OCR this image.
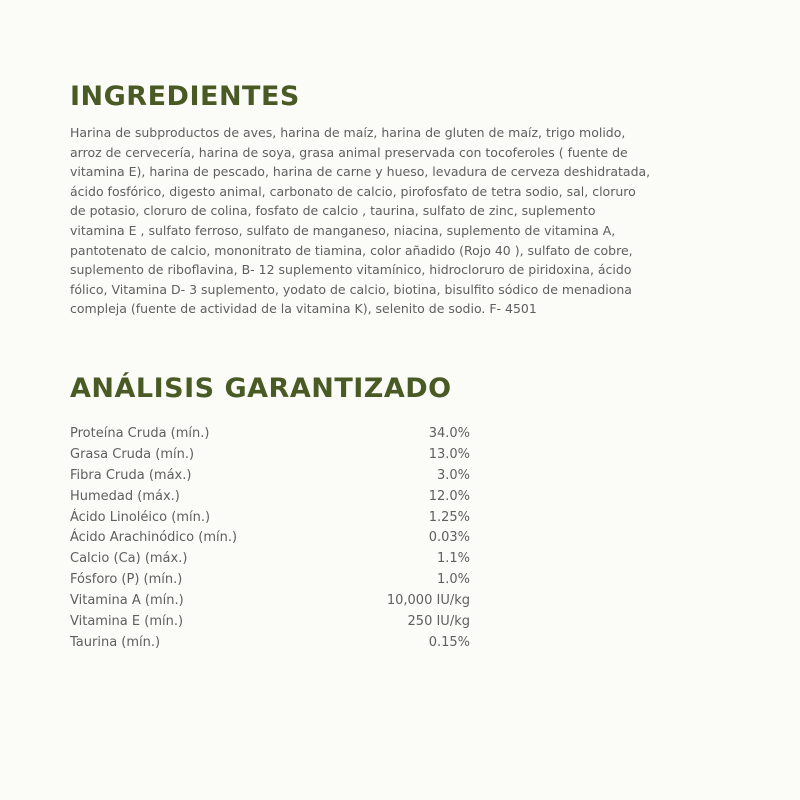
INGREDIENTES

Harina de subproductos de aves, harina de maíz, harina de gluten de maíz, trigo molido,
arroz de cervecería, harina de soya, grasa animal preservada con tocoferoles ( fuente de
vitamina E), harina de pescado, harina de carne y hueso, levadura de cerveza deshidratada,
ácido fosfórico, digesto animal, carbonato de calcio, pirofosfato de tetra sodio, sal, cloruro
de potasio, cloruro de colina, fosfato de calcio , taurina, sulfato de zinc, suplemento
vitamina E , sulfato ferroso, sulfato de manganeso, niacina, suplemento de vitamina A,
pantotenato de calcio, mononitrato de tiamina, color añadido (Rojo 40 ), sulfato de cobre,
suplemento de riboflavina, B- 12 suplemento vitamínico, hidrocloruro de piridoxina, ácido
fólico, Vitamina D- 3 suplemento, yodato de calcio, biotina, bisulfito sódico de menadiona
compleja (fuente de actividad de la vitamina K), selenito de sodio. F- 4501

ANÁLISIS GARANTIZADO
Proteína Cruda (mín.)	34.0%
Grasa Cruda (mín.)	13.0%
Fibra Cruda (máx.)	3.0%
Humedad (máx.)	12.0%
Ácido Linoléico (mín.)	1.25%
Ácido Arachinódico (mín.)	0.03%
Calcio (Ca) (máx.)	1.1%
Fósforo (P) (mín.)	1.0%
Vitamina A (mín.)	10,000 IU/kg
Vitamina E (mín.)	250 IU/kg
Taurina (mín.)	0.15%
